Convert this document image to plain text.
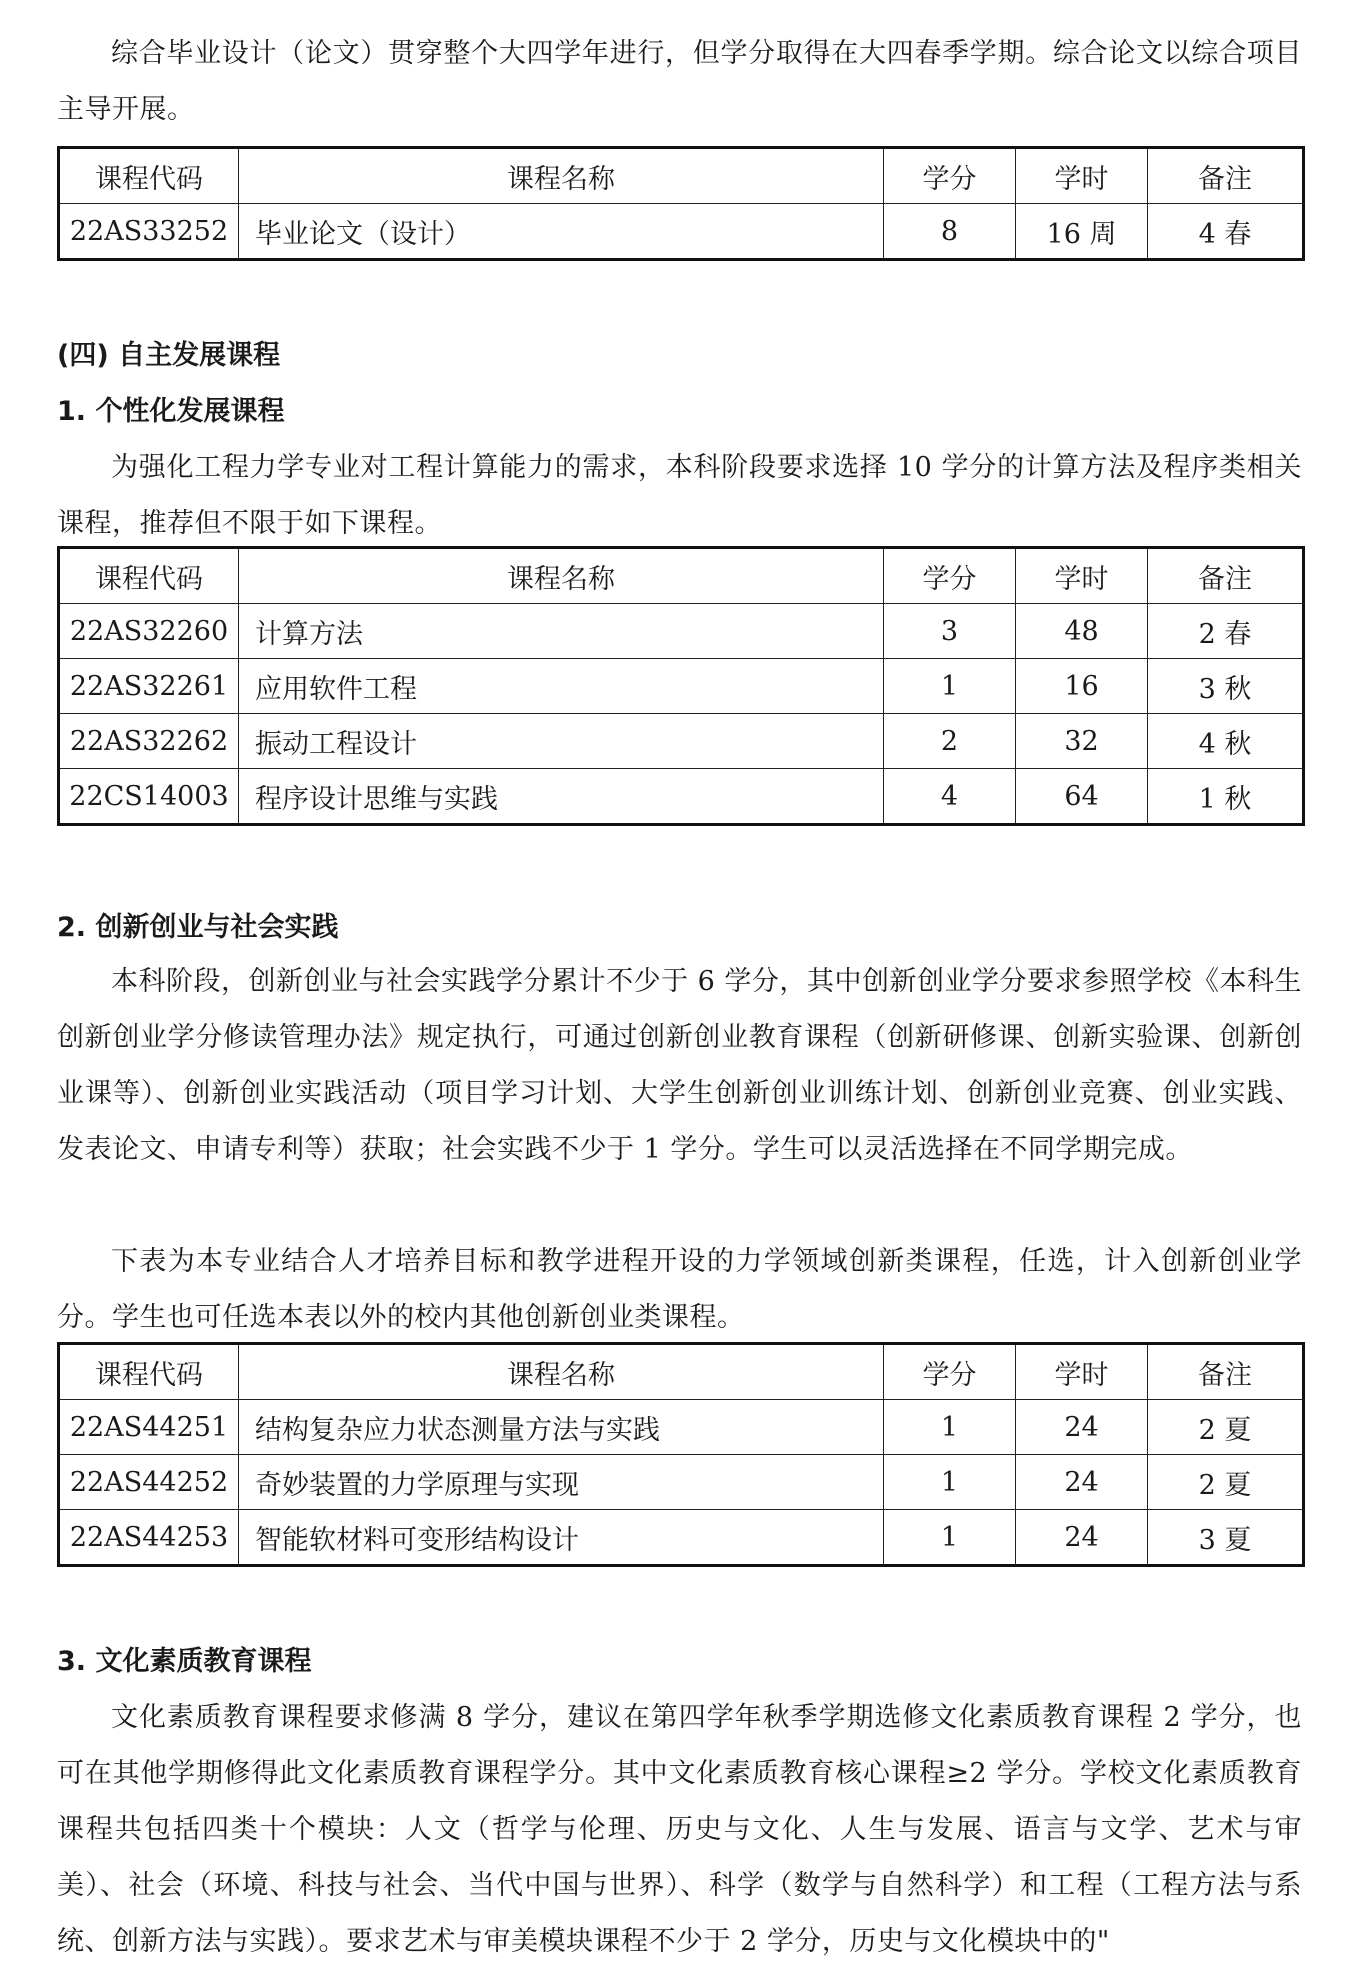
综合毕业设计（论文）贯穿整个大四学年进行，但学分取得在大四春季学期。综合论文以综合项目主导开展。

课程代码	课程名称	学分	学时	备注
22AS33252	毕业论文（设计）	8	16 周	4 春

(四) 自主发展课程

1. 个性化发展课程

为强化工程力学专业对工程计算能力的需求，本科阶段要求选择 10 学分的计算方法及程序类相关课程，推荐但不限于如下课程。

课程代码	课程名称	学分	学时	备注
22AS32260	计算方法	3	48	2 春
22AS32261	应用软件工程	1	16	3 秋
22AS32262	振动工程设计	2	32	4 秋
22CS14003	程序设计思维与实践	4	64	1 秋

2. 创新创业与社会实践

本科阶段，创新创业与社会实践学分累计不少于 6 学分，其中创新创业学分要求参照学校《本科生创新创业学分修读管理办法》规定执行，可通过创新创业教育课程（创新研修课、创新实验课、创新创业课等）、创新创业实践活动（项目学习计划、大学生创新创业训练计划、创新创业竞赛、创业实践、发表论文、申请专利等）获取；社会实践不少于 1 学分。学生可以灵活选择在不同学期完成。

下表为本专业结合人才培养目标和教学进程开设的力学领域创新类课程，任选，计入创新创业学分。学生也可任选本表以外的校内其他创新创业类课程。

课程代码	课程名称	学分	学时	备注
22AS44251	结构复杂应力状态测量方法与实践	1	24	2 夏
22AS44252	奇妙装置的力学原理与实现	1	24	2 夏
22AS44253	智能软材料可变形结构设计	1	24	3 夏

3. 文化素质教育课程

文化素质教育课程要求修满 8 学分，建议在第四学年秋季学期选修文化素质教育课程 2 学分，也可在其他学期修得此文化素质教育课程学分。其中文化素质教育核心课程≥2 学分。学校文化素质教育课程共包括四类十个模块：人文（哲学与伦理、历史与文化、人生与发展、语言与文学、艺术与审美）、社会（环境、科技与社会、当代中国与世界）、科学（数学与自然科学）和工程（工程方法与系统、创新方法与实践）。要求艺术与审美模块课程不少于 2 学分，历史与文化模块中的"
